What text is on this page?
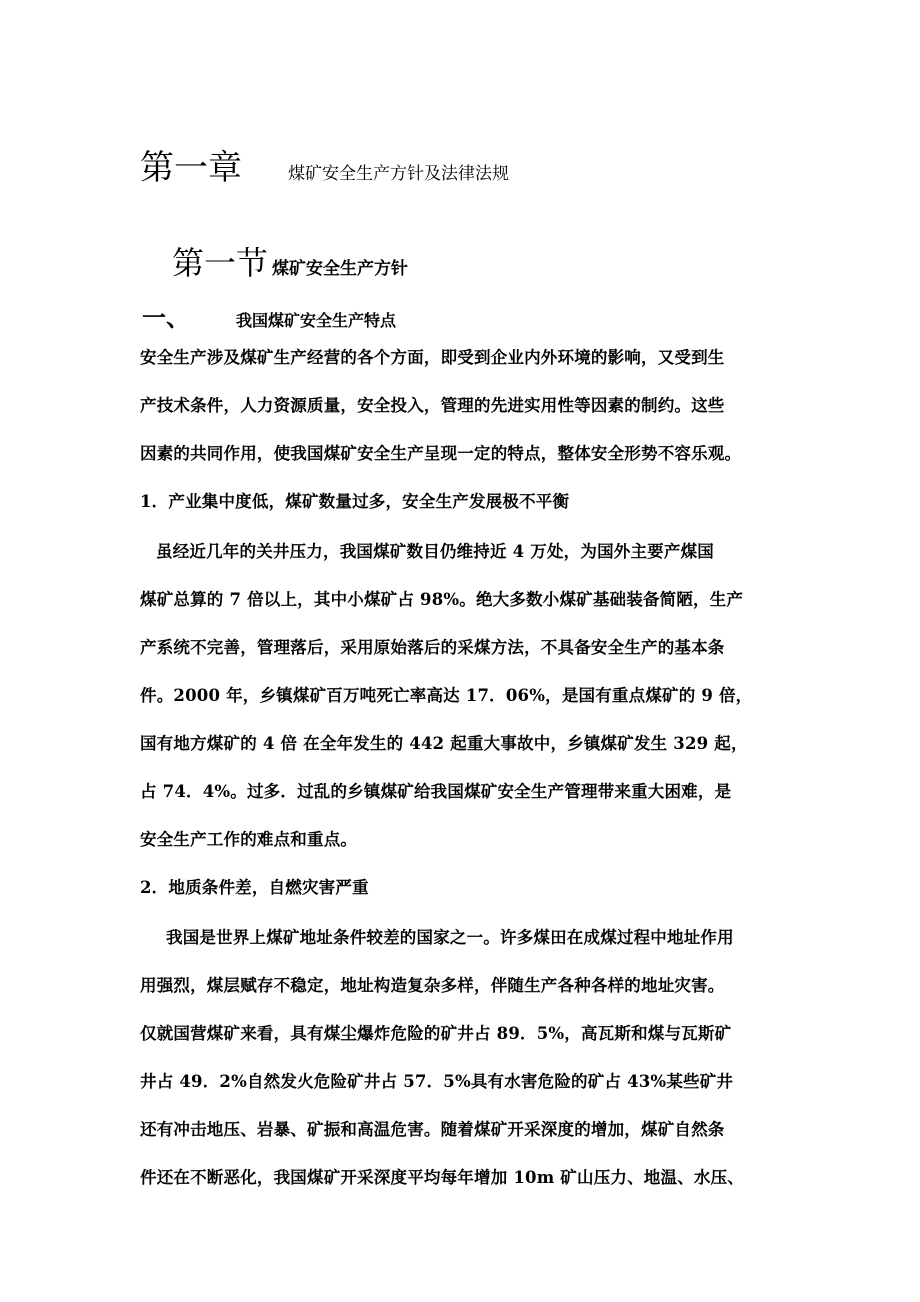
第一章	煤矿安全生产方针及法律法规
第一节 煤矿安全生产方针
一、	我国煤矿安全生产特点
安全生产涉及煤矿生产经营的各个方面，即受到企业内外环境的影响，又受到生
产技术条件，人力资源质量，安全投入，管理的先进实用性等因素的制约。这些
因素的共同作用，使我国煤矿安全生产呈现一定的特点，整体安全形势不容乐观。
1．产业集中度低，煤矿数量过多，安全生产发展极不平衡
虽经近几年的关井压力，我国煤矿数目仍维持近 4 万处，为国外主要产煤国
煤矿总算的 7 倍以上，其中小煤矿占 98%。绝大多数小煤矿基础装备简陋，生产
产系统不完善，管理落后，采用原始落后的采煤方法，不具备安全生产的基本条
件。2000 年，乡镇煤矿百万吨死亡率高达 17．06%，是国有重点煤矿的 9 倍，
国有地方煤矿的 4 倍 在全年发生的 442 起重大事故中，乡镇煤矿发生 329 起，
占 74．4%。过多．过乱的乡镇煤矿给我国煤矿安全生产管理带来重大困难，是
安全生产工作的难点和重点。
2．地质条件差，自燃灾害严重
我国是世界上煤矿地址条件较差的国家之一。许多煤田在成煤过程中地址作用
用强烈，煤层赋存不稳定，地址构造复杂多样，伴随生产各种各样的地址灾害。
仅就国营煤矿来看，具有煤尘爆炸危险的矿井占 89．5%，高瓦斯和煤与瓦斯矿
井占 49．2%自然发火危险矿井占 57．5%具有水害危险的矿占 43%某些矿井
还有冲击地压、岩暴、矿振和高温危害。随着煤矿开采深度的增加，煤矿自然条
件还在不断恶化，我国煤矿开采深度平均每年增加 10m 矿山压力、地温、水压、
